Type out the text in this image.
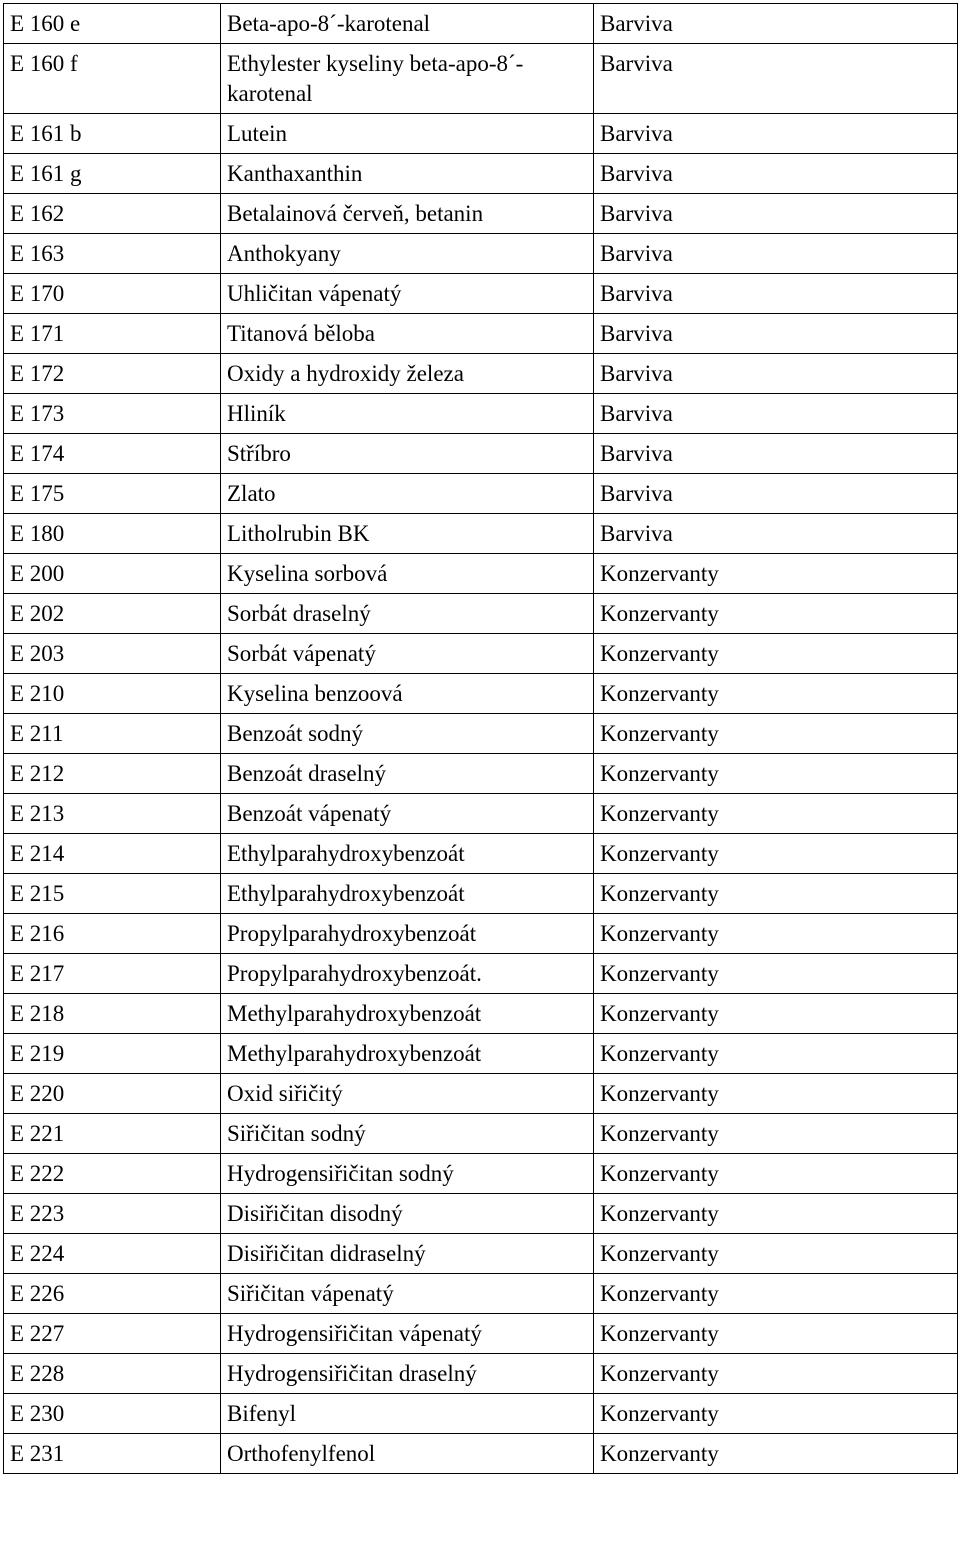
E 160 e	Beta-apo-8´-karotenal	Barviva
E 160 f	Ethylester kyseliny beta-apo-8´-karotenal	Barviva
E 161 b	Lutein	Barviva
E 161 g	Kanthaxanthin	Barviva
E 162	Betalainová červeň, betanin	Barviva
E 163	Anthokyany	Barviva
E 170	Uhličitan vápenatý	Barviva
E 171	Titanová běloba	Barviva
E 172	Oxidy a hydroxidy železa	Barviva
E 173	Hliník	Barviva
E 174	Stříbro	Barviva
E 175	Zlato	Barviva
E 180	Litholrubin BK	Barviva
E 200	Kyselina sorbová	Konzervanty
E 202	Sorbát draselný	Konzervanty
E 203	Sorbát vápenatý	Konzervanty
E 210	Kyselina benzoová	Konzervanty
E 211	Benzoát sodný	Konzervanty
E 212	Benzoát draselný	Konzervanty
E 213	Benzoát vápenatý	Konzervanty
E 214	Ethylparahydroxybenzoát	Konzervanty
E 215	Ethylparahydroxybenzoát	Konzervanty
E 216	Propylparahydroxybenzoát	Konzervanty
E 217	Propylparahydroxybenzoát.	Konzervanty
E 218	Methylparahydroxybenzoát	Konzervanty
E 219	Methylparahydroxybenzoát	Konzervanty
E 220	Oxid siřičitý	Konzervanty
E 221	Siřičitan sodný	Konzervanty
E 222	Hydrogensiřičitan sodný	Konzervanty
E 223	Disiřičitan disodný	Konzervanty
E 224	Disiřičitan didraselný	Konzervanty
E 226	Siřičitan vápenatý	Konzervanty
E 227	Hydrogensiřičitan vápenatý	Konzervanty
E 228	Hydrogensiřičitan draselný	Konzervanty
E 230	Bifenyl	Konzervanty
E 231	Orthofenylfenol	Konzervanty
